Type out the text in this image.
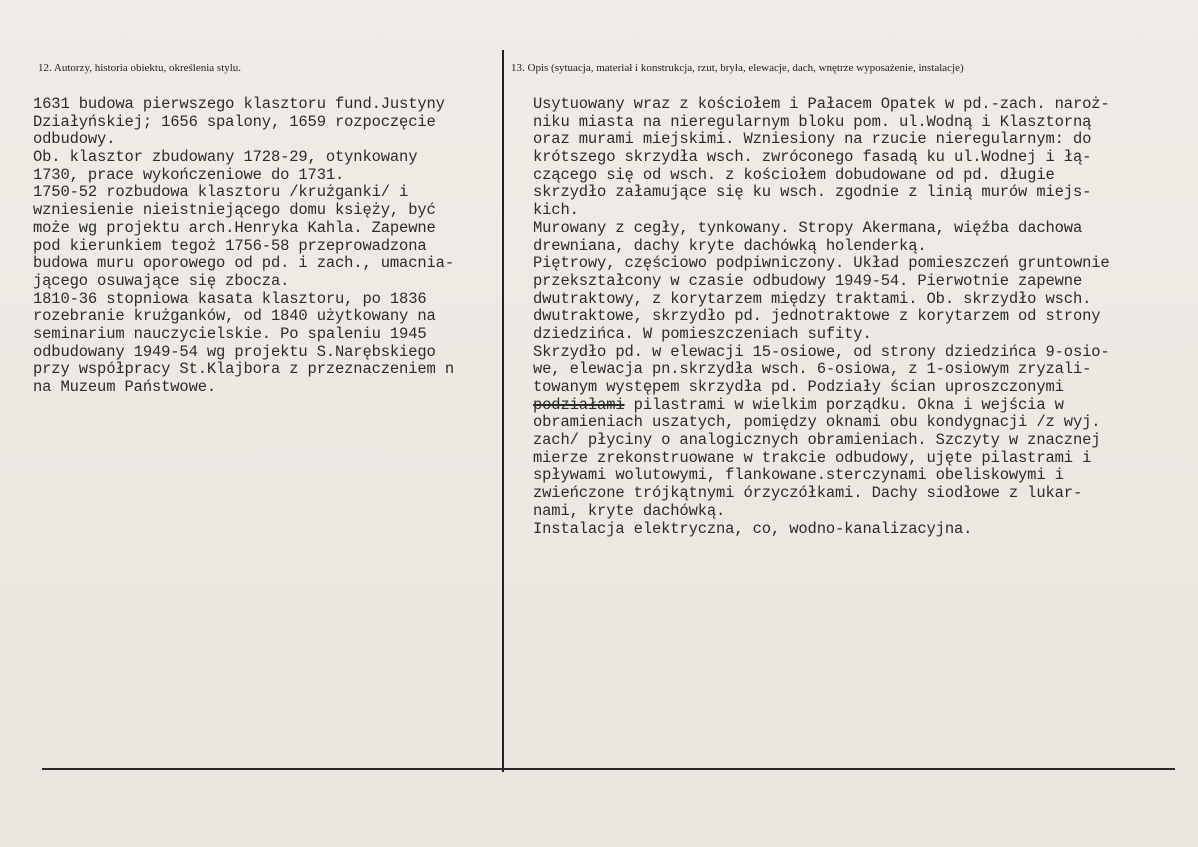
12. Autorzy, historia obiektu, określenia stylu.	13. Opis (sytuacja, materiał i konstrukcja, rzut, bryła, elewacje, dach, wnętrze wyposażenie, instalacje)
1631 budowa pierwszego klasztoru fund.Justyny
Działyńskiej; 1656 spalony, 1659 rozpoczęcie
odbudowy.
Ob. klasztor zbudowany 1728-29, otynkowany
1730, prace wykończeniowe do 1731.
1750-52 rozbudowa klasztoru /krużganki/ i
wzniesienie nieistniejącego domu księży, być
może wg projektu arch.Henryka Kahla. Zapewne
pod kierunkiem tegoż 1756-58 przeprowadzona
budowa muru oporowego od pd. i zach., umacnia-
jącego osuwające się zbocza.
1810-36 stopniowa kasata klasztoru, po 1836
rozebranie krużganków, od 1840 użytkowany na
seminarium nauczycielskie. Po spaleniu 1945
odbudowany 1949-54 wg projektu S.Narębskiego
przy współpracy St.Klajbora z przeznaczeniem n
na Muzeum Państwowe.
Usytuowany wraz z kościołem i Pałacem Opatek w pd.-zach. naroż-
niku miasta na nieregularnym bloku pom. ul.Wodną i Klasztorną
oraz murami miejskimi. Wzniesiony na rzucie nieregularnym: do
krótszego skrzydła wsch. zwróconego fasadą ku ul.Wodnej i łą-
czącego się od wsch. z kościołem dobudowane od pd. długie
skrzydło załamujące się ku wsch. zgodnie z linią murów miejs-
kich.
Murowany z cegły, tynkowany. Stropy Akermana, więźba dachowa
drewniana, dachy kryte dachówką holenderką.
Piętrowy, częściowo podpiwniczony. Układ pomieszczeń gruntownie
przekształcony w czasie odbudowy 1949-54. Pierwotnie zapewne
dwutraktowy, z korytarzem między traktami. Ob. skrzydło wsch.
dwutraktowe, skrzydło pd. jednotraktowe z korytarzem od strony
dziedzińca. W pomieszczeniach sufity.
Skrzydło pd. w elewacji 15-osiowe, od strony dziedzińca 9-osio-
we, elewacja pn.skrzydła wsch. 6-osiowa, z 1-osiowym zryzali-
towanym występem skrzydła pd. Podziały ścian uproszczonymi
podziałami pilastrami w wielkim porządku. Okna i wejścia w
obramieniach uszatych, pomiędzy oknami obu kondygnacji /z wyj.
zach/ płyciny o analogicznych obramieniach. Szczyty w znacznej
mierze zrekonstruowane w trakcie odbudowy, ujęte pilastrami i
spływami wolutowymi, flankowane.sterczynami obeliskowymi i
zwieńczone trójkątnymi órzyczółkami. Dachy siodłowe z lukar-
nami, kryte dachówką.
Instalacja elektryczna, co, wodno-kanalizacyjna.
